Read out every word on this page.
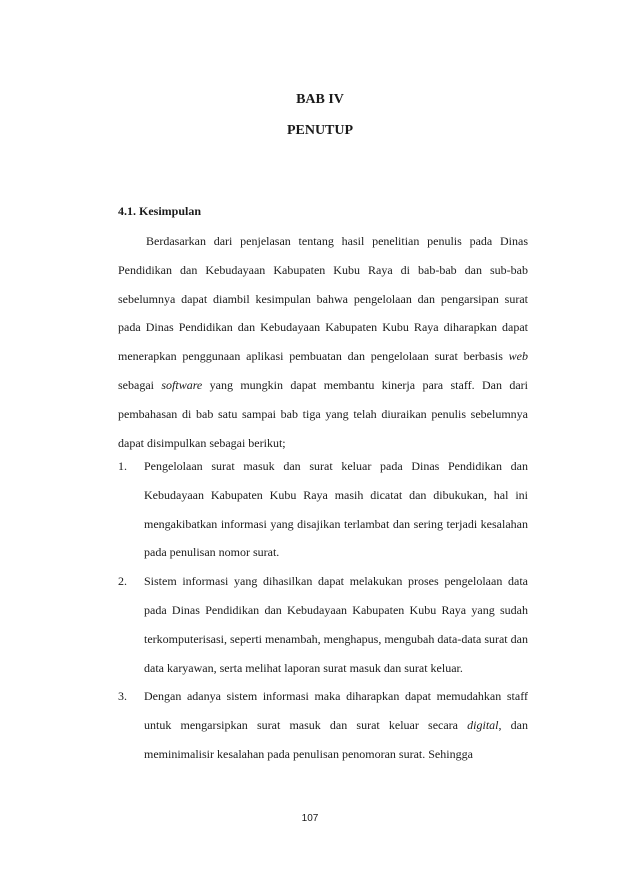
BAB IV
PENUTUP
4.1. Kesimpulan

Berdasarkan dari penjelasan tentang hasil penelitian penulis pada Dinas Pendidikan dan Kebudayaan Kabupaten Kubu Raya di bab-bab dan sub-bab sebelumnya dapat diambil kesimpulan bahwa pengelolaan dan pengarsipan surat pada Dinas Pendidikan dan Kebudayaan Kabupaten Kubu Raya diharapkan dapat menerapkan penggunaan aplikasi pembuatan dan pengelolaan surat berbasis web sebagai software yang mungkin dapat membantu kinerja para staff. Dan dari pembahasan di bab satu sampai bab tiga yang telah diuraikan penulis sebelumnya dapat disimpulkan sebagai berikut;

1. Pengelolaan surat masuk dan surat keluar pada Dinas Pendidikan dan Kebudayaan Kabupaten Kubu Raya masih dicatat dan dibukukan, hal ini mengakibatkan informasi yang disajikan terlambat dan sering terjadi kesalahan pada penulisan nomor surat.
2. Sistem informasi yang dihasilkan dapat melakukan proses pengelolaan data pada Dinas Pendidikan dan Kebudayaan Kabupaten Kubu Raya yang sudah terkomputerisasi, seperti menambah, menghapus, mengubah data-data surat dan data karyawan, serta melihat laporan surat masuk dan surat keluar.
3. Dengan adanya sistem informasi maka diharapkan dapat memudahkan staff untuk mengarsipkan surat masuk dan surat keluar secara digital, dan meminimalisir kesalahan pada penulisan penomoran surat. Sehingga

107
